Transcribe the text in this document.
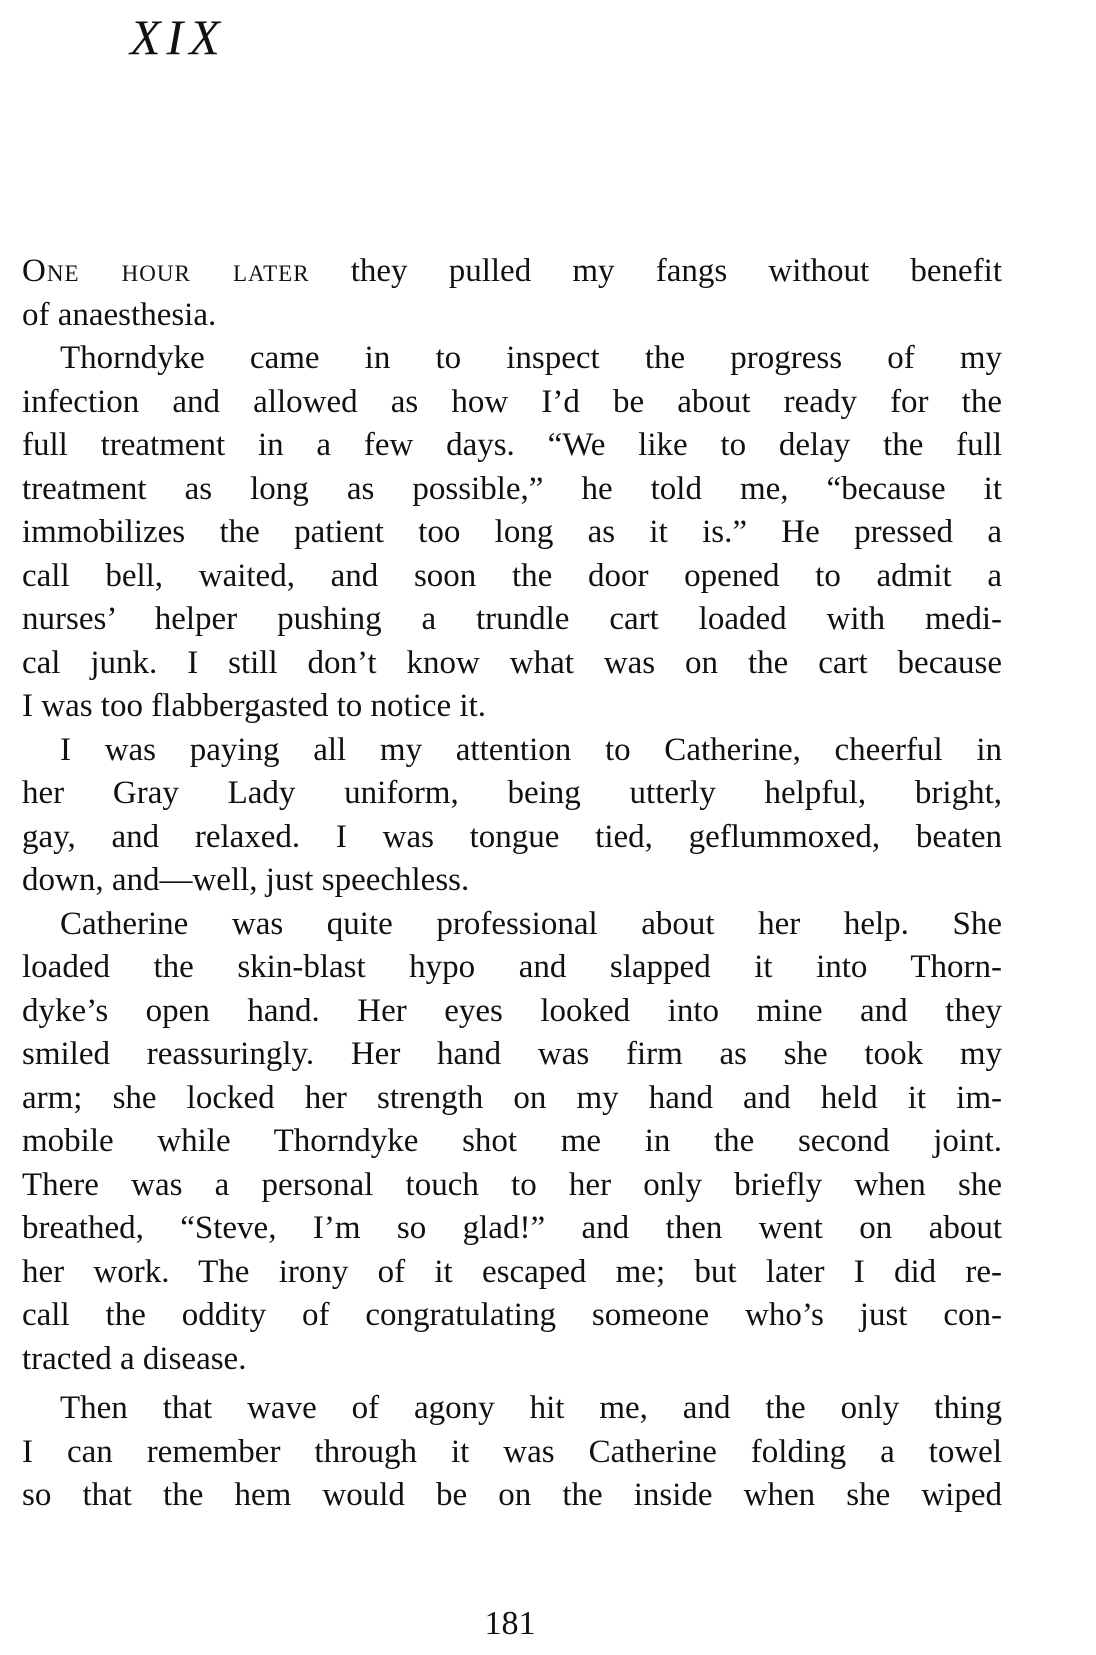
XIX

One hour later they pulled my fangs without benefit

of anaesthesia.

Thorndyke came in to inspect the progress of my

infection and allowed as how I’d be about ready for the

full treatment in a few days. “We like to delay the full

treatment as long as possible,” he told me, “because it

immobilizes the patient too long as it is.” He pressed a

call bell, waited, and soon the door opened to admit a

nurses’ helper pushing a trundle cart loaded with medi-

cal junk. I still don’t know what was on the cart because

I was too flabbergasted to notice it.

I was paying all my attention to Catherine, cheerful in

her Gray Lady uniform, being utterly helpful, bright,

gay, and relaxed. I was tongue tied, geflummoxed, beaten

down, and—well, just speechless.

Catherine was quite professional about her help. She

loaded the skin-blast hypo and slapped it into Thorn-

dyke’s open hand. Her eyes looked into mine and they

smiled reassuringly. Her hand was firm as she took my

arm; she locked her strength on my hand and held it im-

mobile while Thorndyke shot me in the second joint.

There was a personal touch to her only briefly when she

breathed, “Steve, I’m so glad!” and then went on about

her work. The irony of it escaped me; but later I did re-

call the oddity of congratulating someone who’s just con-

tracted a disease.

Then that wave of agony hit me, and the only thing

I can remember through it was Catherine folding a towel

so that the hem would be on the inside when she wiped

181
